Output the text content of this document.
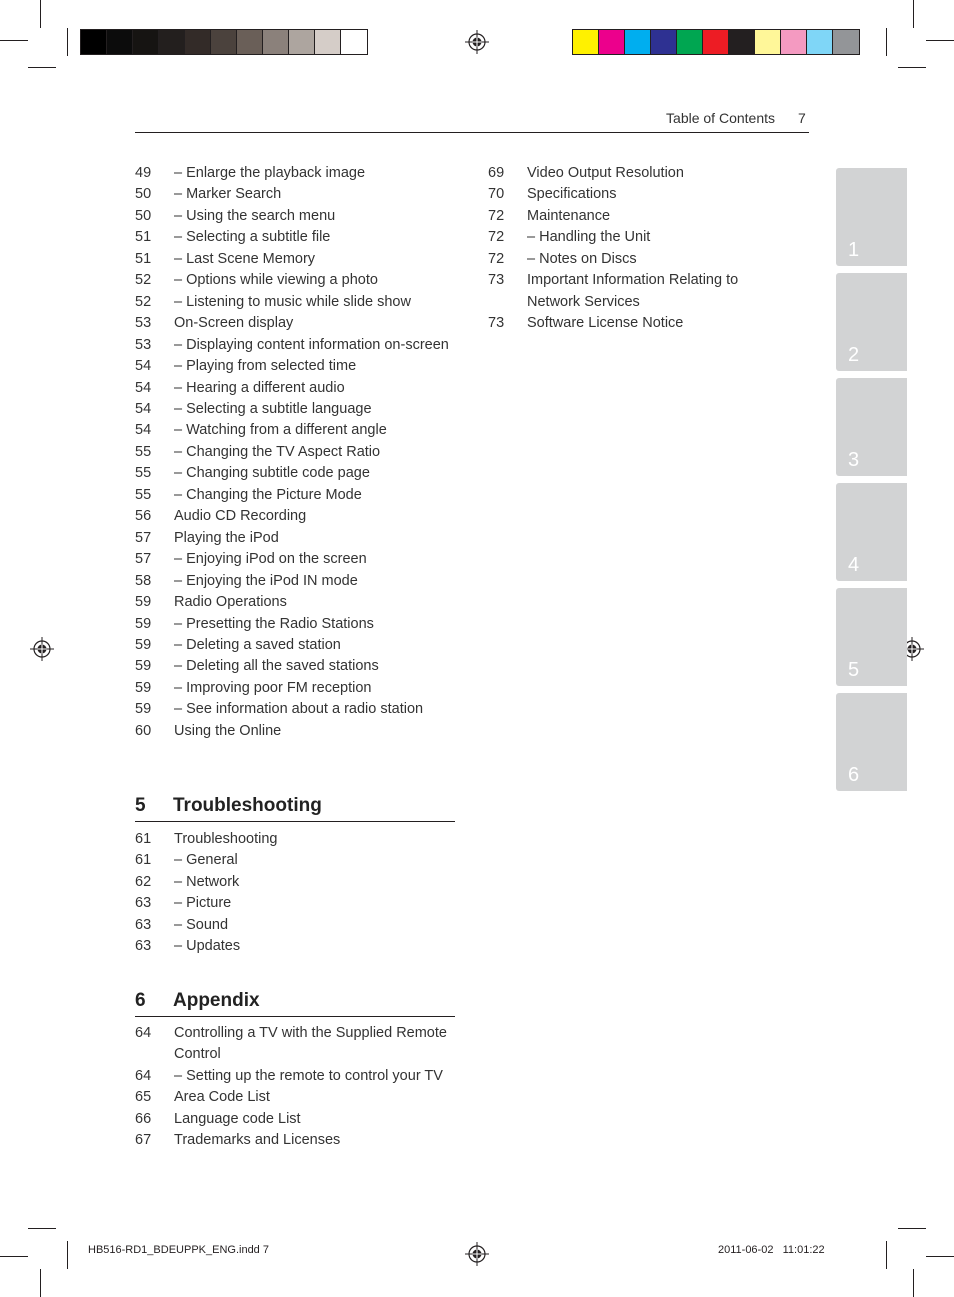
Table of Contents 7
49	– Enlarge the playback image
50	– Marker Search
50	– Using the search menu
51	– Selecting a subtitle file
51	– Last Scene Memory
52	– Options while viewing a photo
52	– Listening to music while slide show
53	On-Screen display
53	– Displaying content information on-screen
54	– Playing from selected time
54	– Hearing a different audio
54	– Selecting a subtitle language
54	– Watching from a different angle
55	– Changing the TV Aspect Ratio
55	– Changing subtitle code page
55	– Changing the Picture Mode
56	Audio CD Recording
57	Playing the iPod
57	– Enjoying iPod on the screen
58	– Enjoying the iPod IN mode
59	Radio Operations
59	– Presetting the Radio Stations
59	– Deleting a saved station
59	– Deleting all the saved stations
59	– Improving poor FM reception
59	– See information about a radio station
60	Using the Online
5 Troubleshooting
61	Troubleshooting
61	– General
62	– Network
63	– Picture
63	– Sound
63	– Updates
6 Appendix
64	Controlling a TV with the Supplied Remote Control
64	– Setting up the remote to control your TV
65	Area Code List
66	Language code List
67	Trademarks and Licenses
69	Video Output Resolution
70	Specifications
72	Maintenance
72	– Handling the Unit
72	– Notes on Discs
73	Important Information Relating to Network Services
73	Software License Notice
1
2
3
4
5
6
HB516-RD1_BDEUPPK_ENG.indd 7	2011-06-02   11:01:22
